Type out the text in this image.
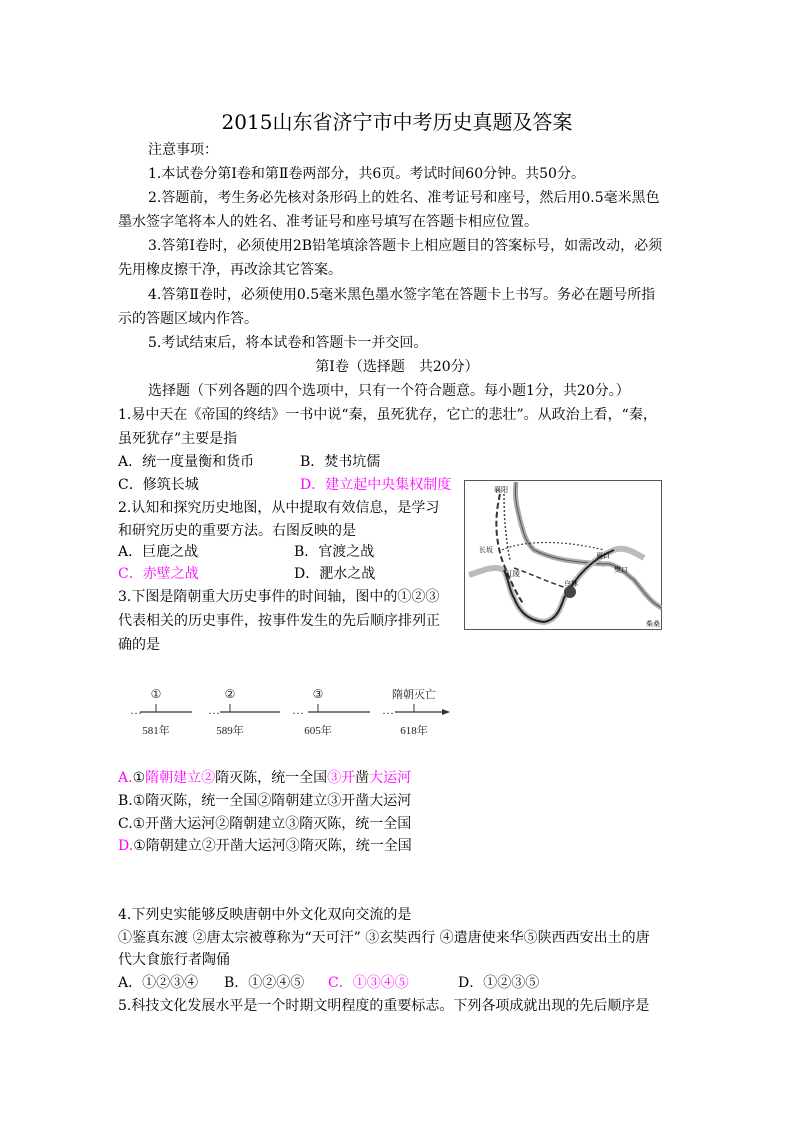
2015山东省济宁市中考历史真题及答案
注意事项：
1.本试卷分第Ⅰ卷和第Ⅱ卷两部分，共6页。考试时间60分钟。共50分。
2.答题前，考生务必先核对条形码上的姓名、准考证号和座号，然后用0.5毫米黑色
墨水签字笔将本人的姓名、准考证号和座号填写在答题卡相应位置。
3.答第Ⅰ卷时，必须使用2B铅笔填涂答题卡上相应题目的答案标号，如需改动，必须
先用橡皮擦干净，再改涂其它答案。
4.答第Ⅱ卷时，必须使用0.5毫米黑色墨水签字笔在答题卡上书写。务必在题号所指
示的答题区域内作答。
5.考试结束后，将本试卷和答题卡一并交回。
第Ⅰ卷（选择题　共20分）
选择题（下列各题的四个选项中，只有一个符合题意。每小题1分，共20分。）
1.易中天在《帝国的终结》一书中说“秦，虽死犹存，它亡的悲壮”。从政治上看，“秦，
虽死犹存”主要是指
A．统一度量衡和货币	B．焚书坑儒
C．修筑长城	D．建立起中央集权制度
2.认知和探究历史地图，从中提取有效信息，是学习
和研究历史的重要方法。右图反映的是
A．巨鹿之战	B．官渡之战
C．赤壁之战	D．淝水之战
襄阳
长坂
江陵
夏口
樊口
乌林
柴桑
3.下图是隋朝重大历史事件的时间轴，图中的①②③
代表相关的历史事件，按事件发生的先后顺序排列正
确的是
…	…	…	…
①	②	③	隋朝灭亡
581年	589年	605年	618年
A.①隋朝建立②隋灭陈，统一全国③开凿大运河
B.①隋灭陈，统一全国②隋朝建立③开凿大运河
C.①开凿大运河②隋朝建立③隋灭陈，统一全国
D.①隋朝建立②开凿大运河③隋灭陈，统一全国
4.下列史实能够反映唐朝中外文化双向交流的是
①鉴真东渡 ②唐太宗被尊称为“天可汗” ③玄奘西行 ④遣唐使来华⑤陕西西安出土的唐
代大食旅行者陶俑
A．①②③④ B．①②④⑤ C．①③④⑤	D．①②③⑤
5.科技文化发展水平是一个时期文明程度的重要标志。下列各项成就出现的先后顺序是
